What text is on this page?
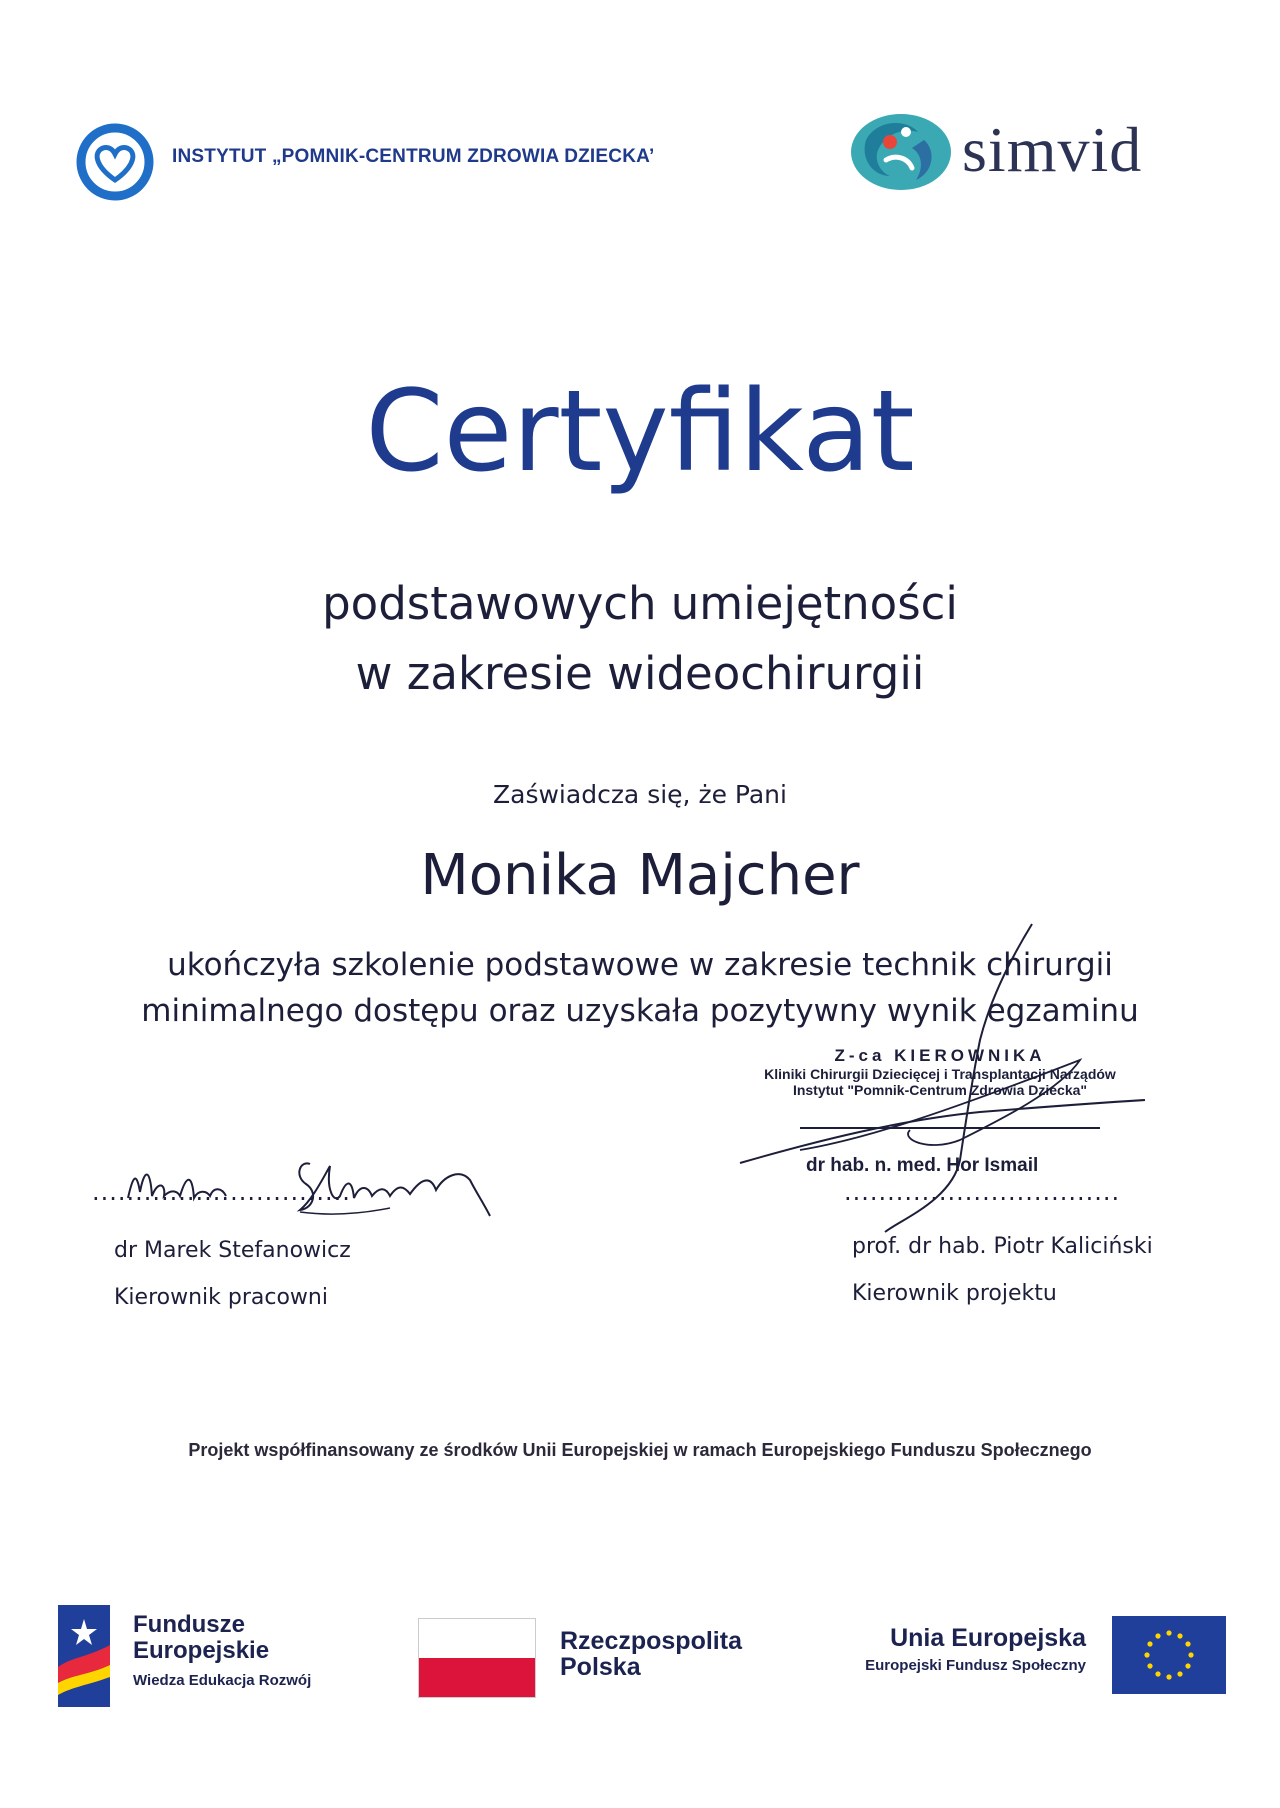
INSTYTUT „POMNIK-CENTRUM ZDROWIA DZIECKA’	simvid
Certyfikat
podstawowych umiejętności
w zakresie wideochirurgii
Zaświadcza się, że Pani
Monika Majcher
ukończyła szkolenie podstawowe w zakresie technik chirurgii
minimalnego dostępu oraz uzyskała pozytywny wynik egzaminu
Z-ca KIEROWNIKA
Kliniki Chirurgii Dziecięcej i Transplantacji Narządów
Instytut "Pomnik-Centrum Zdrowia Dziecka"
dr hab. n. med. Hor Ismail
..............................	................................
dr Marek Stefanowicz
Kierownik pracowni
prof. dr hab. Piotr Kaliciński
Kierownik projektu
Projekt współfinansowany ze środków Unii Europejskiej w ramach Europejskiego Funduszu Społecznego
Fundusze
Europejskie
Wiedza Edukacja Rozwój
Rzeczpospolita
Polska
Unia Europejska
Europejski Fundusz Społeczny
